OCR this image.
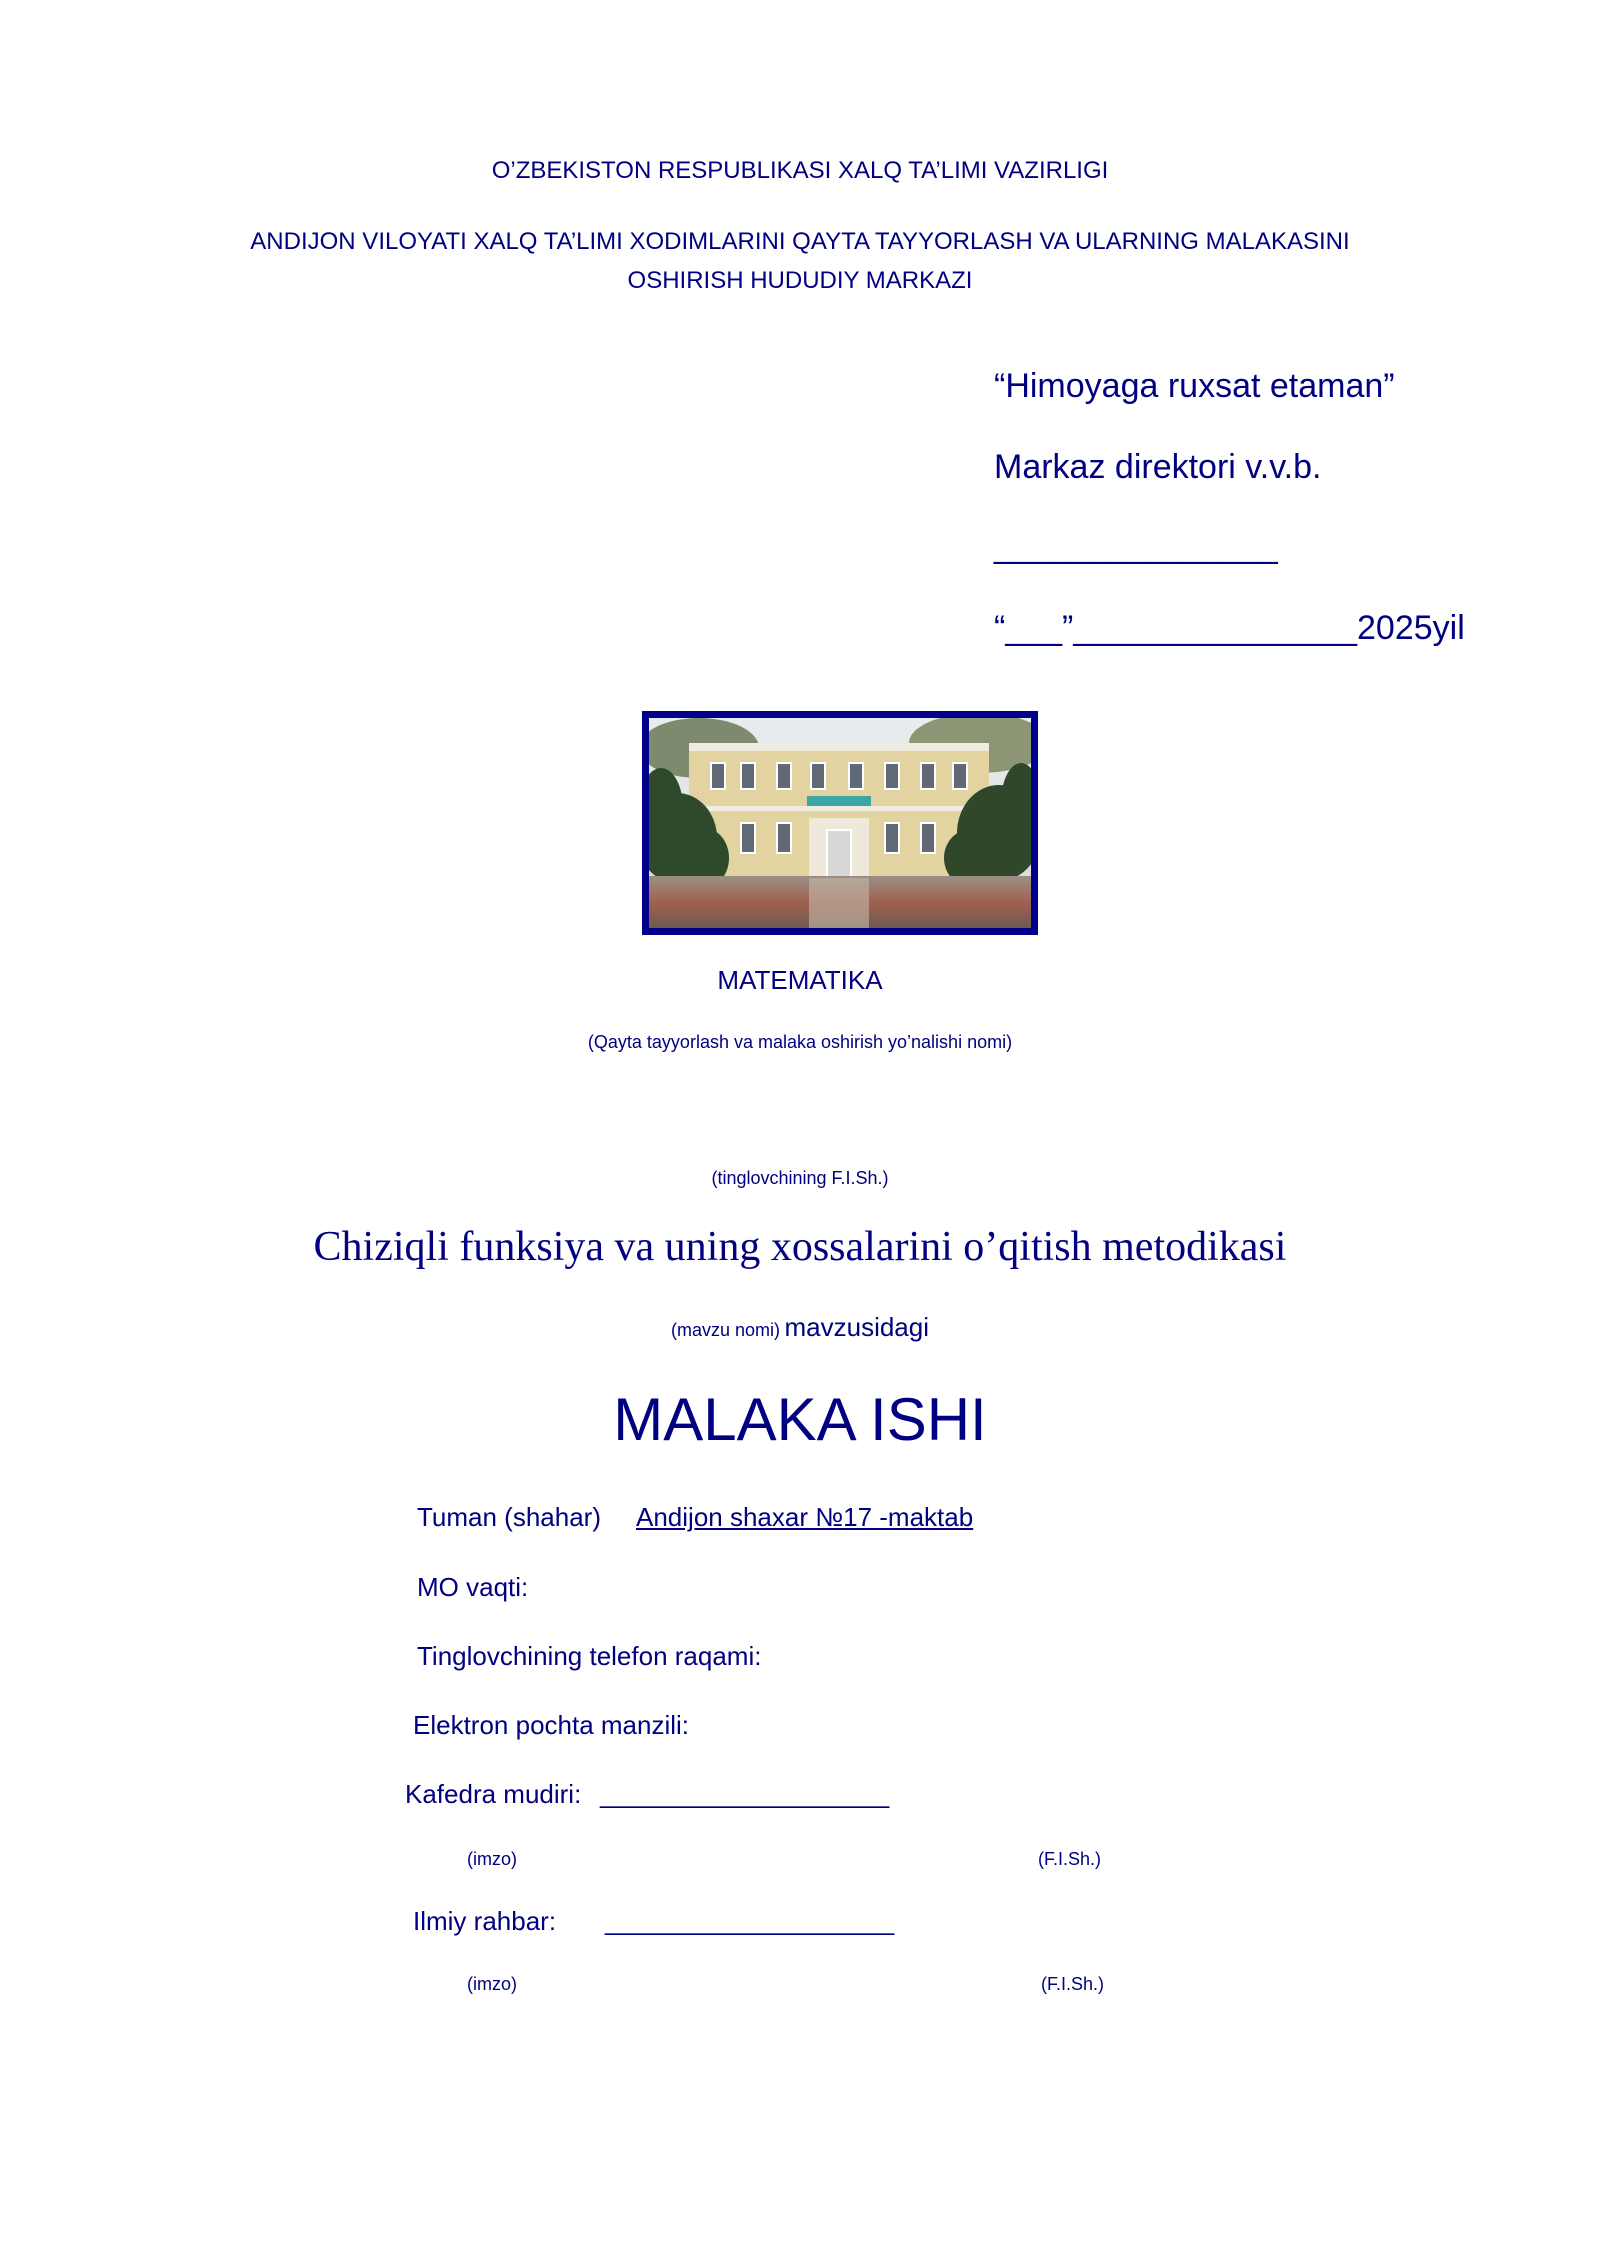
O’ZBEKISTON RESPUBLIKASI XALQ TA’LIMI VAZIRLIGI
ANDIJON VILOYATI XALQ TA’LIMI XODIMLARINI QAYTA TAYYORLASH VA ULARNING MALAKASINI
OSHIRISH HUDUDIY MARKAZI
“Himoyaga ruxsat etaman”
Markaz direktori v.v.b.
_______________
“___”_______________2025yil
MATEMATIKA
(Qayta tayyorlash va malaka oshirish yo’nalishi nomi)
(tinglovchining F.I.Sh.)
Chiziqli funksiya va uning xossalarini o’qitish metodikasi
(mavzu nomi) mavzusidagi
MALAKA ISHI
Tuman (shahar) Andijon shaxar №17 -maktab
MO vaqti:
Tinglovchining telefon raqami:
Elektron pochta manzili:
Kafedra mudiri: ____________________
(imzo)	(F.I.Sh.)
Ilmiy rahbar: ____________________
(imzo)	(F.I.Sh.)
